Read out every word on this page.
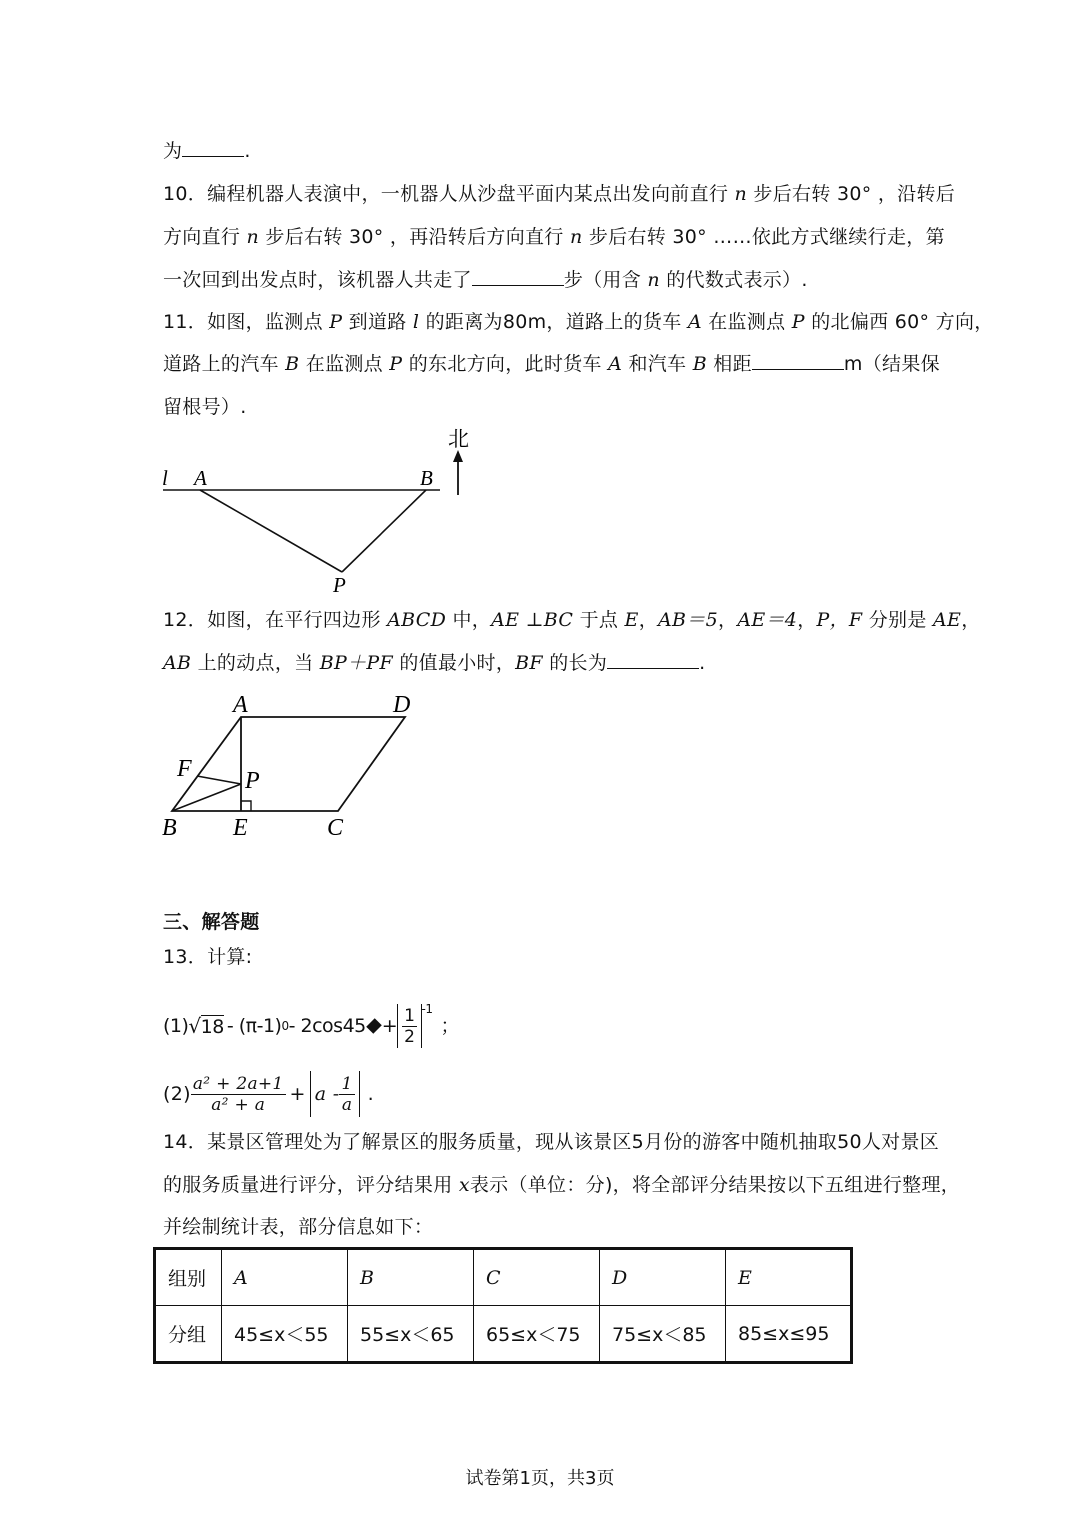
为	.
10．编程机器人表演中，一机器人从沙盘平面内某点出发向前直行 n 步后右转 30° ，沿转后
方向直行 n 步后右转 30° ，再沿转后方向直行 n 步后右转 30° ……依此方式继续行走，第
一次回到出发点时，该机器人共走了	步（用含 n 的代数式表示）.
11．如图，监测点 P 到道路 l 的距离为80m，道路上的货车 A 在监测点 P 的北偏西 60° 方向，
道路上的汽车 B 在监测点 P 的东北方向，此时货车 A 和汽车 B 相距	m（结果保
留根号）.
北
l A	B
P
12．如图，在平行四边形 ABCD 中，AE ⊥BC 于点 E，AB＝5，AE＝4，P，F 分别是 AE，
AB 上的动点，当 BP＋PF 的值最小时，BF 的长为	.
A	D
F P
B E	C
三、解答题
13．计算:
(1) √ 18 - (π-1) $0 - 2\cos 45 + \frac{1}{2} ^{-1}$
；
$(2) \frac{\text{a² + 2a+1}}{\text{a² + a}} + a - \frac{1}{a}$ .
14．某景区管理处为了解景区的服务质量，现从该景区5月份的游客中随机抽取50人对景区
的服务质量进行评分，评分结果用 x表示（单位：分)，将全部评分结果按以下五组进行整理，
并绘制统计表，部分信息如下：
组别	A	B	C	D	E
分组	45≤x＜55	55≤x＜65	65≤x＜75	75≤x＜85	85≤x≤95
试卷第1页，共3页
